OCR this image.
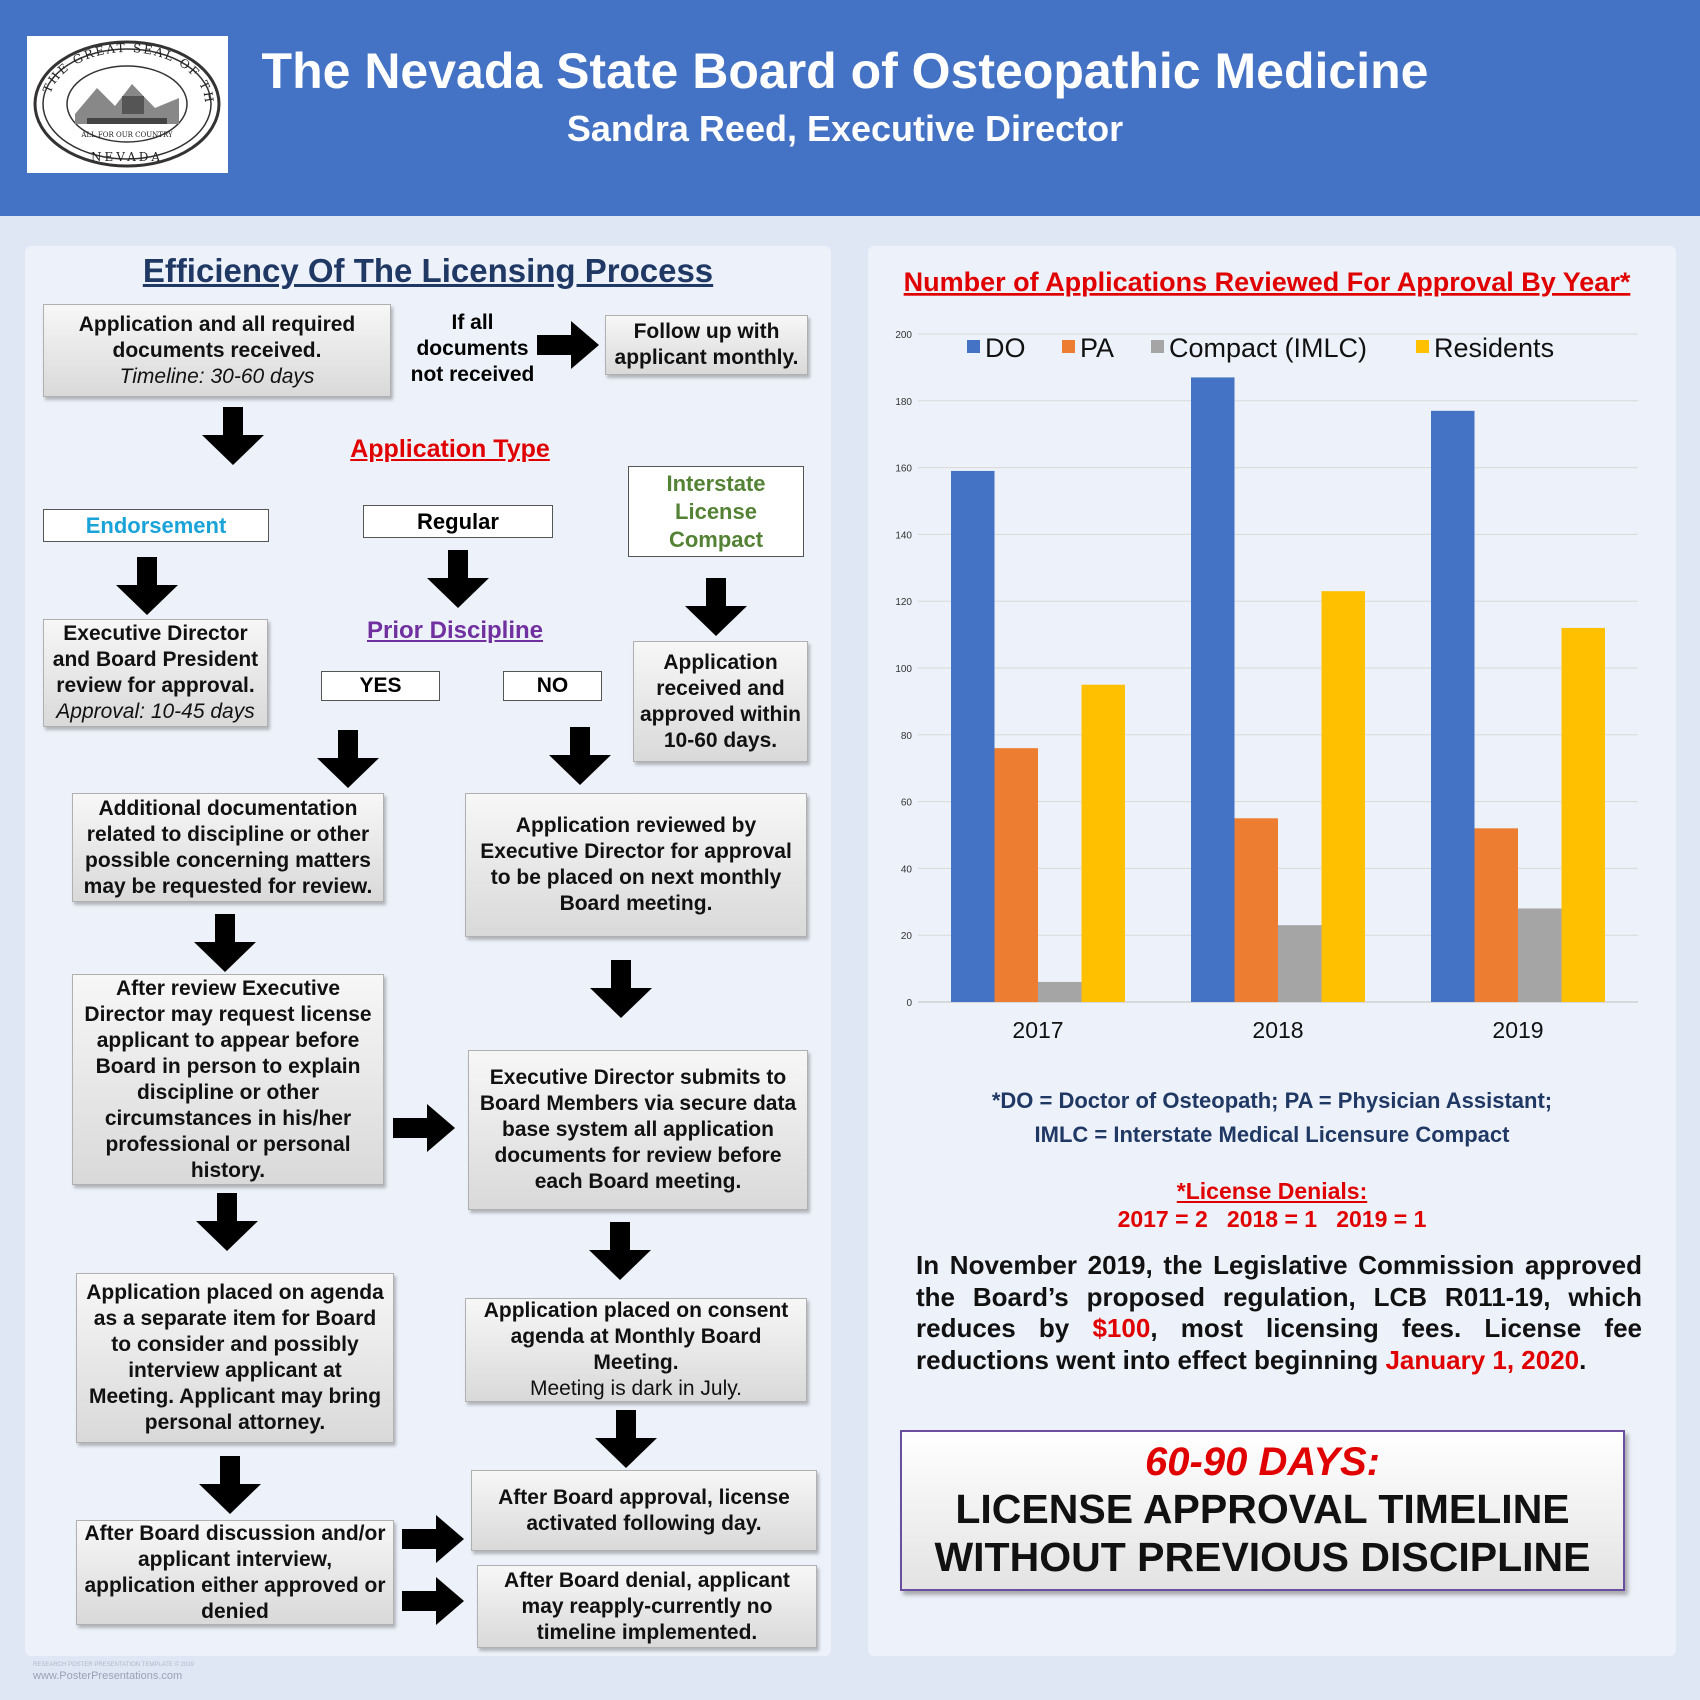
THE GREAT SEAL OF TH
NEVADA
ALL FOR OUR COUNTRY
The Nevada State Board of Osteopathic Medicine
Sandra Reed, Executive Director
Efficiency Of The Licensing Process
Application and all required documents received.
Timeline: 30-60 days
If all documents not received
Follow up with applicant monthly.
Application Type
Endorsement	Regular
Interstate License Compact
Executive Director and Board President review for approval.
Approval: 10-45 days
Prior Discipline
YES	NO
Application received and approved within 10-60 days.
Additional documentation related to discipline or other possible concerning matters may be requested for review.
Application reviewed by Executive Director for approval to be placed on next monthly Board meeting.
After review Executive Director may request license applicant to appear before Board in person to explain discipline or other circumstances in his/her professional or personal history.
Executive Director submits to Board Members via secure data base system all application documents for review before each Board meeting.
Application placed on agenda as a separate item for Board to consider and possibly interview applicant at Meeting. Applicant may bring personal attorney.
Application placed on consent agenda at Monthly Board Meeting.
Meeting is dark in July.
After Board discussion and/or applicant interview, application either approved or denied
After Board approval, license activated following day.
After Board denial, applicant may reapply-currently no timeline implemented.
Number of Applications Reviewed For Approval By Year*
0
20
40
60
80
100
120
140
160
180
200
2017	2018	2019
DO PA Compact (IMLC) Residents
*DO = Doctor of Osteopath; PA = Physician Assistant;
IMLC = Interstate Medical Licensure Compact
*License Denials:
2017 = 2   2018 = 1   2019 = 1
In November 2019, the Legislative Commission approved the Board’s proposed regulation, LCB R011-19, which reduces by $100, most licensing fees. License fee reductions went into effect beginning January 1, 2020.
60-90 DAYS:
LICENSE APPROVAL TIMELINE
WITHOUT PREVIOUS DISCIPLINE
RESEARCH POSTER PRESENTATION TEMPLATE © 2019
www.PosterPresentations.com
